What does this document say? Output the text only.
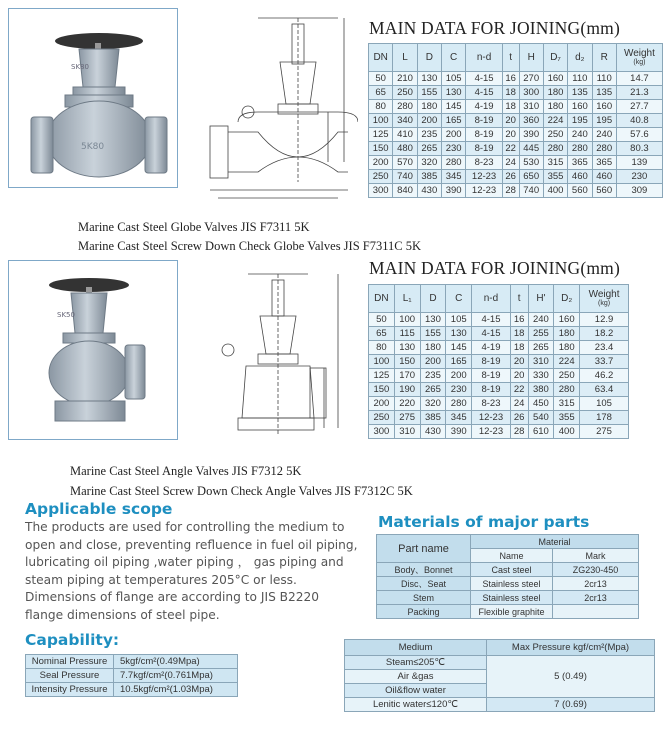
SK80
5K80
MAIN DATA FOR JOINING(mm)
DN	L	D	C	n-d	t	H	D₇	d₂	R	Weight
(kg)

50	210	130	105	4-15	16	270	160	110	110	14.7
65	250	155	130	4-15	18	300	180	135	135	21.3
80	280	180	145	4-19	18	310	180	160	160	27.7
100	340	200	165	8-19	20	360	224	195	195	40.8
125	410	235	200	8-19	20	390	250	240	240	57.6
150	480	265	230	8-19	22	445	280	280	280	80.3
200	570	320	280	8-23	24	530	315	365	365	139
250	740	385	345	12-23	26	650	355	460	460	230
300	840	430	390	12-23	28	740	400	560	560	309
Marine Cast Steel Globe Valves JIS F7311 5K
Marine Cast Steel Screw Down Check Globe Valves JIS F7311C 5K
SK50
MAIN DATA FOR JOINING(mm)
DN	L₁	D	C	n-d	t	H'	D₂	Weight
(kg)

50	100	130	105	4-15	16	240	160	12.9
65	115	155	130	4-15	18	255	180	18.2
80	130	180	145	4-19	18	265	180	23.4
100	150	200	165	8-19	20	310	224	33.7
125	170	235	200	8-19	20	330	250	46.2
150	190	265	230	8-19	22	380	280	63.4
200	220	320	280	8-23	24	450	315	105
250	275	385	345	12-23	26	540	355	178
300	310	430	390	12-23	28	610	400	275
Marine Cast Steel Angle Valves JIS F7312 5K
Marine Cast Steel Screw Down Check Angle Valves JIS F7312C 5K
Applicable scope
The products are used for controlling the medium to
open and close, preventing refluence in fuel oil piping,
lubricating oil piping ,water piping ， gas piping and
steam piping at temperatures 205°C or less.
Dimensions of flange are according to JIS B2220
flange dimensions of steel pipe.
Capability:
Nominal Pressure	5kgf/cm²(0.49Mpa)
Seal Pressure	7.7kgf/cm²(0.761Mpa)
Intensity Pressure	10.5kgf/cm²(1.03Mpa)
Materials of major parts
Part name	Material	
	Name	Mark
Body、Bonnet	Cast steel	ZG230-450
Disc、Seat	Stainless steel	2cr13
Stem	Stainless steel	2cr13
Packing	Flexible graphite	
Medium	Max Pressure kgf/cm²(Mpa)
Steam≤205℃	5 (0.49)
Air &gas	
Oil&flow water	
Lenitic water≤120℃	7 (0.69)
